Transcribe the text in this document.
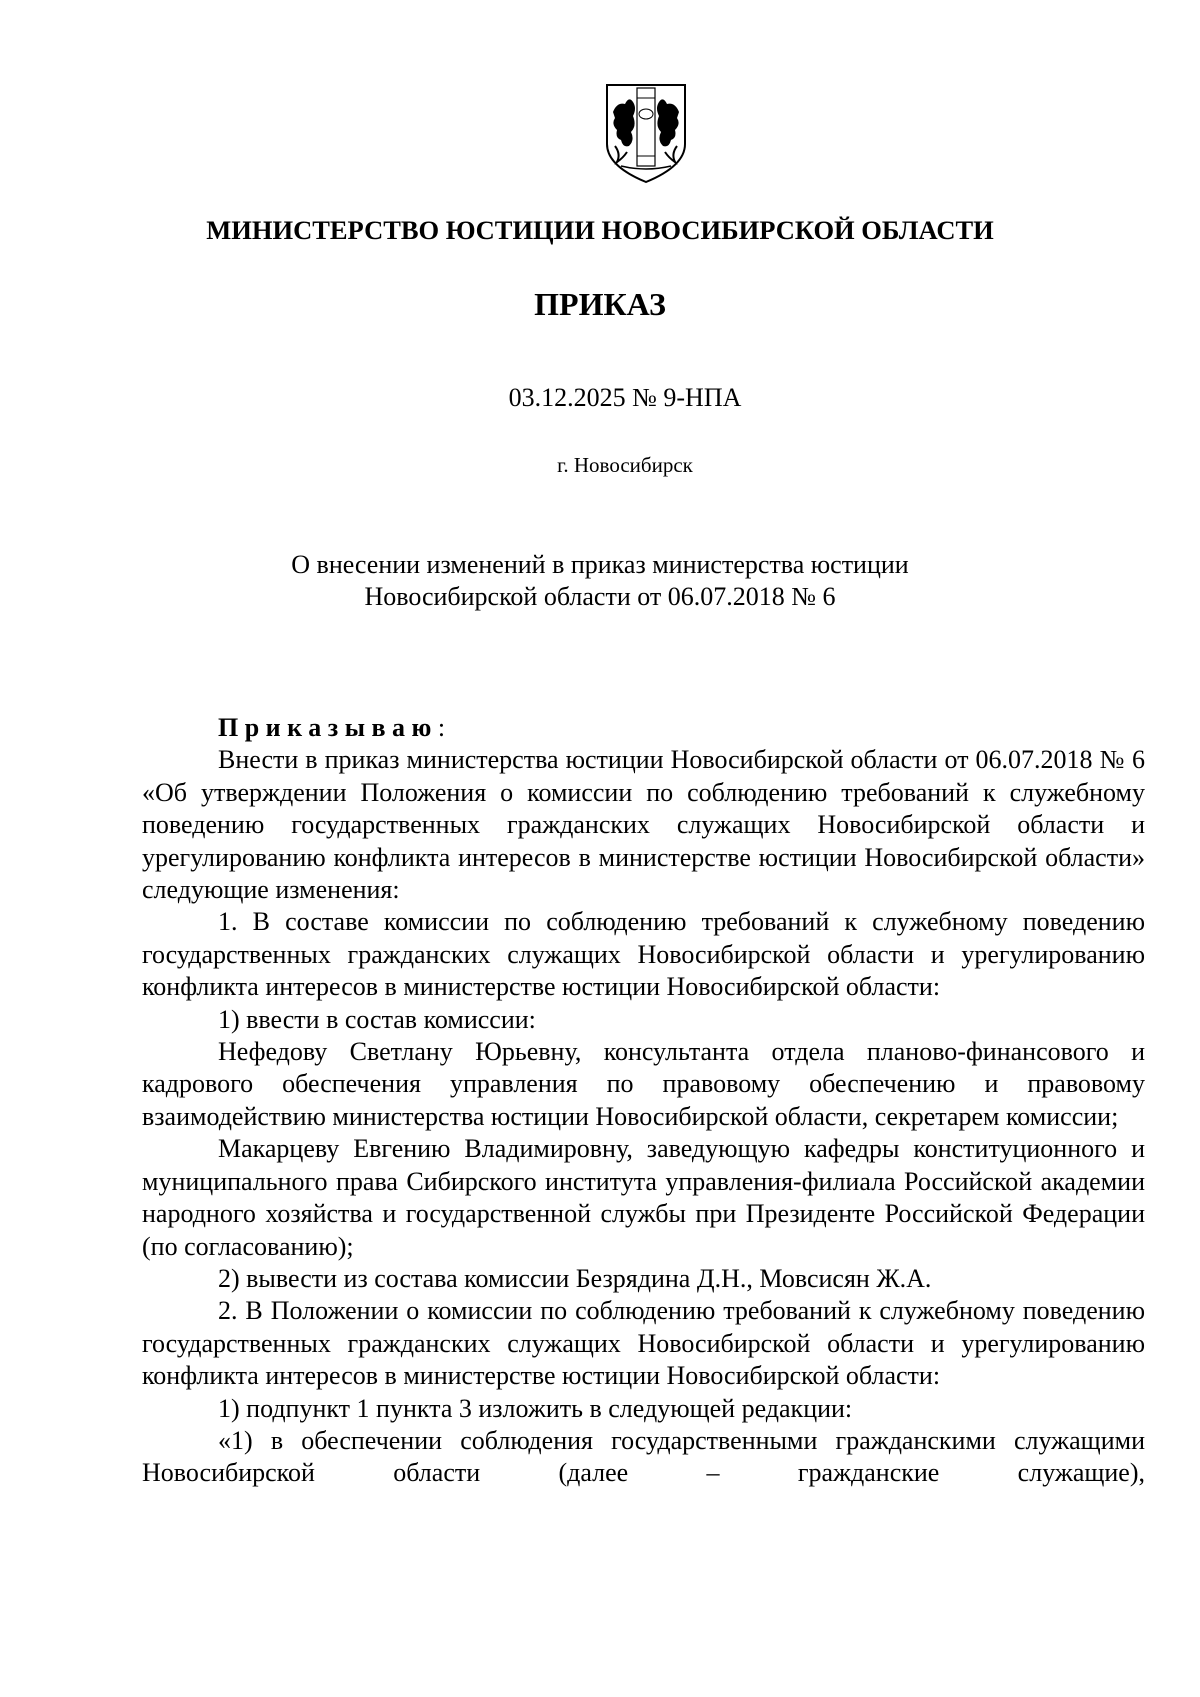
МИНИСТЕРСТВО ЮСТИЦИИ НОВОСИБИРСКОЙ ОБЛАСТИ
ПРИКАЗ
03.12.2025 № 9-НПА
г. Новосибирск
О внесении изменений в приказ министерства юстиции
Новосибирской области от 06.07.2018 № 6

Приказываю:

Внести в приказ министерства юстиции Новосибирской области от 06.07.2018 № 6 «Об утверждении Положения о комиссии по соблюдению требований к служебному поведению государственных гражданских служащих Новосибирской области и урегулированию конфликта интересов в министерстве юстиции Новосибирской области» следующие изменения:

1. В составе комиссии по соблюдению требований к служебному поведению государственных гражданских служащих Новосибирской области и урегулированию конфликта интересов в министерстве юстиции Новосибирской области:

1) ввести в состав комиссии:

Нефедову Светлану Юрьевну, консультанта отдела планово-финансового и кадрового обеспечения управления по правовому обеспечению и правовому взаимодействию министерства юстиции Новосибирской области, секретарем комиссии;

Макарцеву Евгению Владимировну, заведующую кафедры конституционного и муниципального права Сибирского института управления-филиала Российской академии народного хозяйства и государственной службы при Президенте Российской Федерации (по согласованию);

2) вывести из состава комиссии Безрядина Д.Н., Мовсисян Ж.А.

2. В Положении о комиссии по соблюдению требований к служебному поведению государственных гражданских служащих Новосибирской области и урегулированию конфликта интересов в министерстве юстиции Новосибирской области:

1) подпункт 1 пункта 3 изложить в следующей редакции:

«1) в обеспечении соблюдения государственными гражданскими служащими Новосибирской области (далее – гражданские служащие),
